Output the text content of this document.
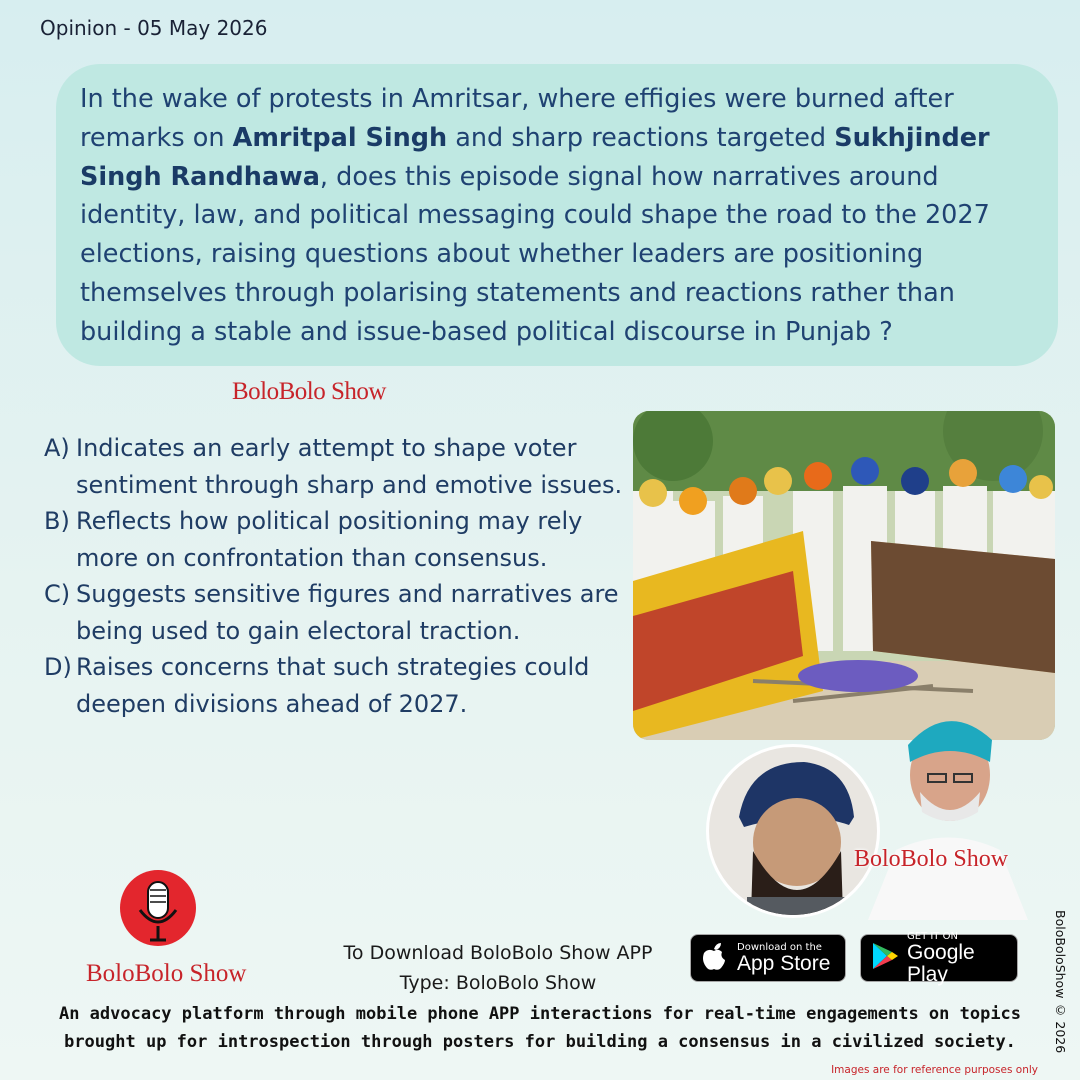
Opinion - 05 May 2026
In the wake of protests in Amritsar, where effigies were burned after remarks on Amritpal Singh and sharp reactions targeted Sukhjinder Singh Randhawa, does this episode signal how narratives around identity, law, and political messaging could shape the road to the 2027 elections, raising questions about whether leaders are positioning themselves through polarising statements and reactions rather than building a stable and issue-based political discourse in Punjab ?
BoloBolo Show
A) Indicates an early attempt to shape voter sentiment through sharp and emotive issues.
B) Reflects how political positioning may rely more on confrontation than consensus.
C) Suggests sensitive figures and narratives are being used to gain electoral traction.
D) Raises concerns that such strategies could deepen divisions ahead of 2027.
BoloBolo Show
BoloBolo Show
To Download BoloBolo Show APP
Type: BoloBolo Show
Download on the
App Store
GET IT ON
Google Play
An advocacy platform through mobile phone APP interactions for real-time engagements on topics
brought up for introspection through posters for building a consensus in a civilized society.	BoloBoloShow © 2026
Images are for reference purposes only
